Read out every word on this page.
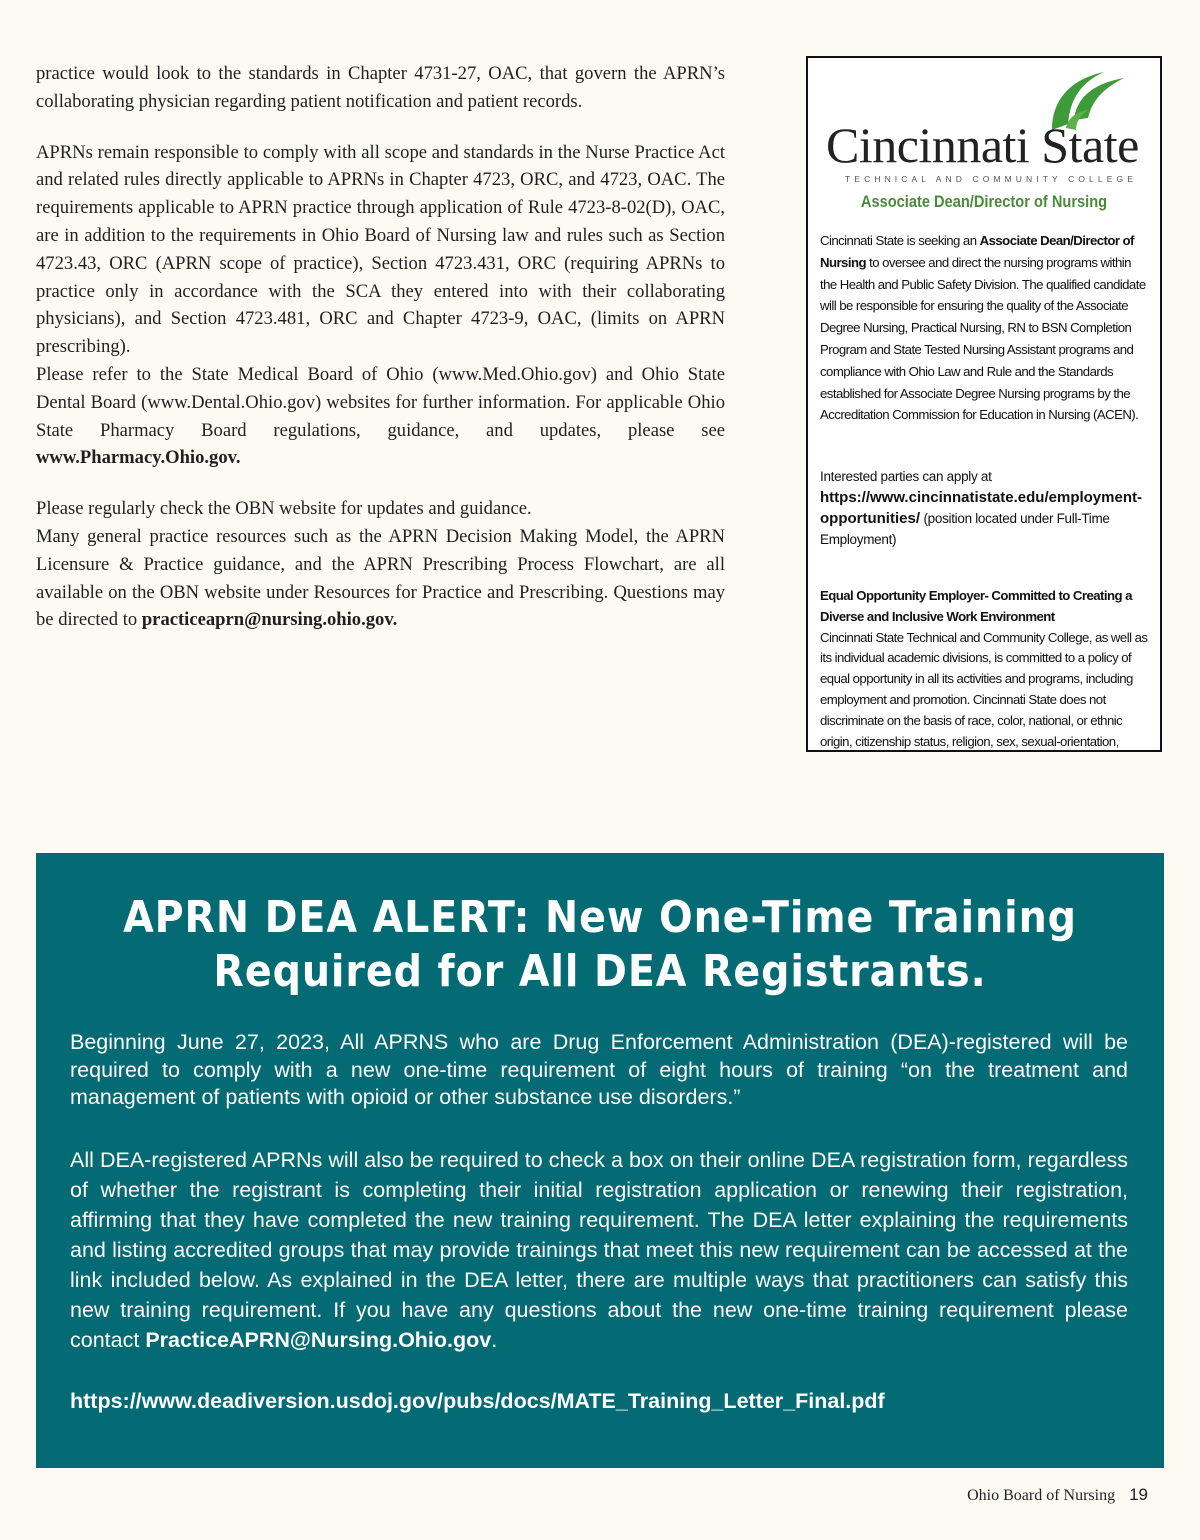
practice would look to the standards in Chapter 4731-27, OAC, that govern the APRN’s collaborating physician regarding patient notification and patient records.

APRNs remain responsible to comply with all scope and standards in the Nurse Practice Act and related rules directly applicable to APRNs in Chapter 4723, ORC, and 4723, OAC. The requirements applicable to APRN practice through application of Rule 4723-8-02(D), OAC, are in addition to the requirements in Ohio Board of Nursing law and rules such as Section 4723.43, ORC (APRN scope of practice), Section 4723.431, ORC (requiring APRNs to practice only in accordance with the SCA they entered into with their collaborating physicians), and Section 4723.481, ORC and Chapter 4723-9, OAC, (limits on APRN prescribing).

Please refer to the State Medical Board of Ohio (www.Med.Ohio.gov) and Ohio State Dental Board (www.Dental.Ohio.gov) websites for further information. For applicable Ohio State Pharmacy Board regulations, guidance, and updates, please see www.Pharmacy.Ohio.gov.

Please regularly check the OBN website for updates and guidance.

Many general practice resources such as the APRN Decision Making Model, the APRN Licensure & Practice guidance, and the APRN Prescribing Process Flowchart, are all available on the OBN website under Resources for Practice and Prescribing. Questions may be directed to practiceaprn@nursing.ohio.gov.

Cincinnati State
TECHNICAL AND COMMUNITY COLLEGE
Associate Dean/Director of Nursing
Cincinnati State is seeking an Associate Dean/Director of Nursing to oversee and direct the nursing programs within the Health and Public Safety Division. The qualified candidate will be responsible for ensuring the quality of the Associate Degree Nursing, Practical Nursing, RN to BSN Completion Program and State Tested Nursing Assistant programs and compliance with Ohio Law and Rule and the Standards established for Associate Degree Nursing programs by the Accreditation Commission for Education in Nursing (ACEN).
Interested parties can apply at https://www.cincinnatistate.edu/employment-opportunities/ (position located under Full-Time Employment)
Equal Opportunity Employer- Committed to Creating a Diverse and Inclusive Work Environment
Cincinnati State Technical and Community College, as well as its individual academic divisions, is committed to a policy of equal opportunity in all its activities and programs, including employment and promotion. Cincinnati State does not discriminate on the basis of race, color, national, or ethnic origin, citizenship status, religion, sex, sexual-orientation,
APRN DEA ALERT: New One-Time Training
Required for All DEA Registrants.
Beginning June 27, 2023, All APRNS who are Drug Enforcement Administration (DEA)-registered will be required to comply with a new one-time requirement of eight hours of training “on the treatment and management of patients with opioid or other substance use disorders.”
All DEA-registered APRNs will also be required to check a box on their online DEA registration form, regardless of whether the registrant is completing their initial registration application or renewing their registration, affirming that they have completed the new training requirement. The DEA letter explaining the requirements and listing accredited groups that may provide trainings that meet this new requirement can be accessed at the link included below. As explained in the DEA letter, there are multiple ways that practitioners can satisfy this new training requirement. If you have any questions about the new one-time training requirement please contact PracticeAPRN@Nursing.Ohio.gov.
https://www.deadiversion.usdoj.gov/pubs/docs/MATE_Training_Letter_Final.pdf
Ohio Board of Nursing 19
